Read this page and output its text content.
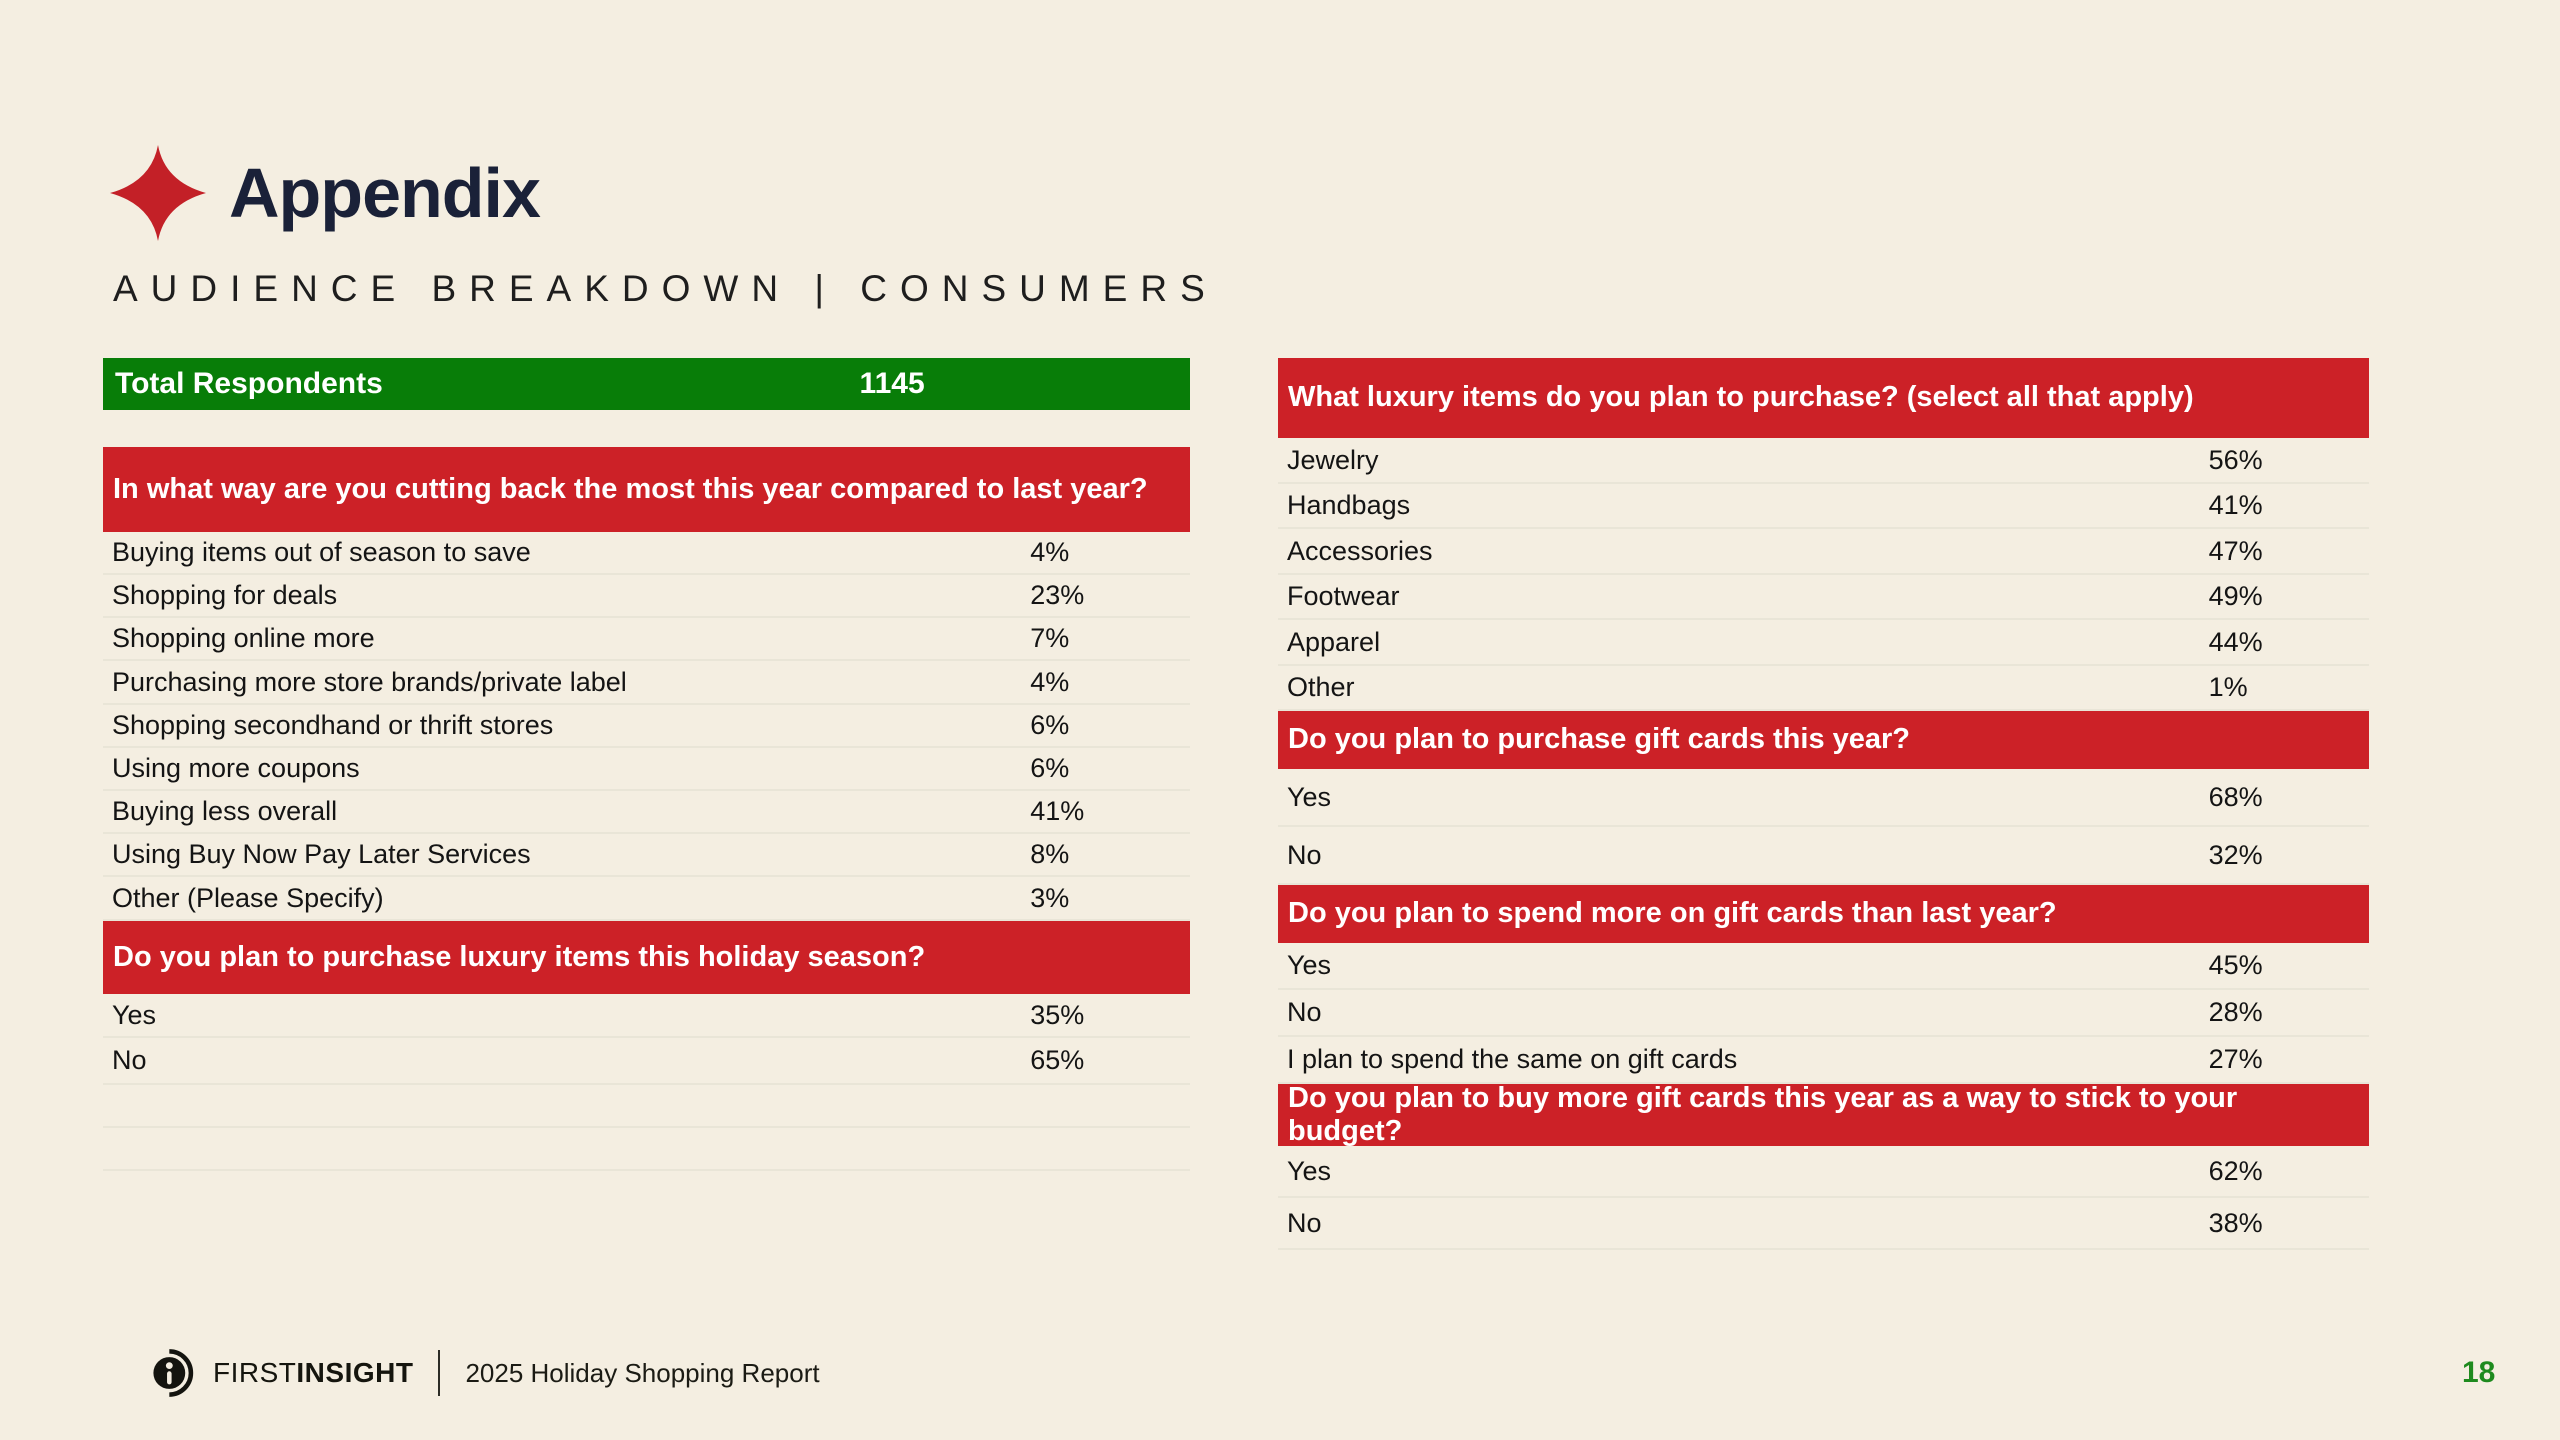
Appendix
AUDIENCE BREAKDOWN | CONSUMERS
Total Respondents	1145
In what way are you cutting back the most this year compared to last year?
Buying items out of season to save	4%
Shopping for deals	23%
Shopping online more	7%
Purchasing more store brands/private label	4%
Shopping secondhand or thrift stores	6%
Using more coupons	6%
Buying less overall	41%
Using Buy Now Pay Later Services	8%
Other (Please Specify)	3%
Do you plan to purchase luxury items this holiday season?
Yes	35%
No	65%
What luxury items do you plan to purchase? (select all that apply)
Jewelry	56%
Handbags	41%
Accessories	47%
Footwear	49%
Apparel	44%
Other	1%
Do you plan to purchase gift cards this year?
Yes	68%
No	32%
Do you plan to spend more on gift cards than last year?
Yes	45%
No	28%
I plan to spend the same on gift cards	27%
Do you plan to buy more gift cards this year as a way to stick to your budget?
Yes	62%
No	38%
FIRSTINSIGHT 2025 Holiday Shopping Report	18
